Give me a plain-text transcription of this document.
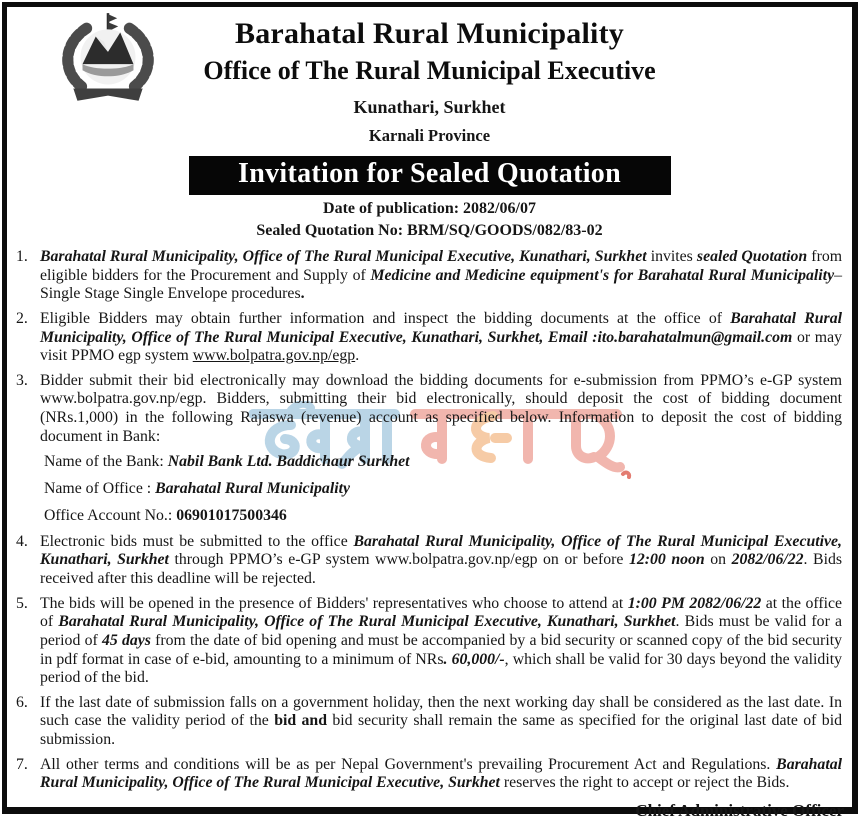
Barahatal Rural Municipality
Office of The Rural Municipal Executive
Kunathari, Surkhet
Karnali Province
Invitation for Sealed Quotation
Date of publication: 2082/06/07
Sealed Quotation No: BRM/SQ/GOODS/082/83-02
1. Barahatal Rural Municipality, Office of The Rural Municipal Executive, Kunathari, Surkhet invites sealed Quotation from eligible bidders for the Procurement and Supply of Medicine and Medicine equipment's for Barahatal Rural Municipality– Single Stage Single Envelope procedures.
2. Eligible Bidders may obtain further information and inspect the bidding documents at the office of Barahatal Rural Municipality, Office of The Rural Municipal Executive, Kunathari, Surkhet, Email :ito.barahatalmun@gmail.com or may visit PPMO egp system www.bolpatra.gov.np/egp.
3. Bidder submit their bid electronically may download the bidding documents for e-submission from PPMO’s e-GP system www.bolpatra.gov.np/egp. Bidders, submitting their bid electronically, should deposit the cost of bidding document (NRs.1,000) in the following Rajaswa (revenue) account as specified below. Information to deposit the cost of bidding document in Bank:
Name of the Bank: Nabil Bank Ltd. Baddichaur Surkhet
Name of Office : Barahatal Rural Municipality
Office Account No.: 06901017500346
4. Electronic bids must be submitted to the office Barahatal Rural Municipality, Office of The Rural Municipal Executive, Kunathari, Surkhet through PPMO’s e-GP system www.bolpatra.gov.np/egp on or before 12:00 noon on 2082/06/22. Bids received after this deadline will be rejected.
5. The bids will be opened in the presence of Bidders' representatives who choose to attend at 1:00 PM 2082/06/22 at the office of Barahatal Rural Municipality, Office of The Rural Municipal Executive, Kunathari, Surkhet. Bids must be valid for a period of 45 days from the date of bid opening and must be accompanied by a bid security or scanned copy of the bid security in pdf format in case of e-bid, amounting to a minimum of NRs. 60,000/-, which shall be valid for 30 days beyond the validity period of the bid.
6. If the last date of submission falls on a government holiday, then the next working day shall be considered as the last date. In such case the validity period of the bid and bid security shall remain the same as specified for the original last date of bid submission.
7. All other terms and conditions will be as per Nepal Government's prevailing Procurement Act and Regulations. Barahatal Rural Municipality, Office of The Rural Municipal Executive, Surkhet reserves the right to accept or reject the Bids.
Chief Administrative Officer
